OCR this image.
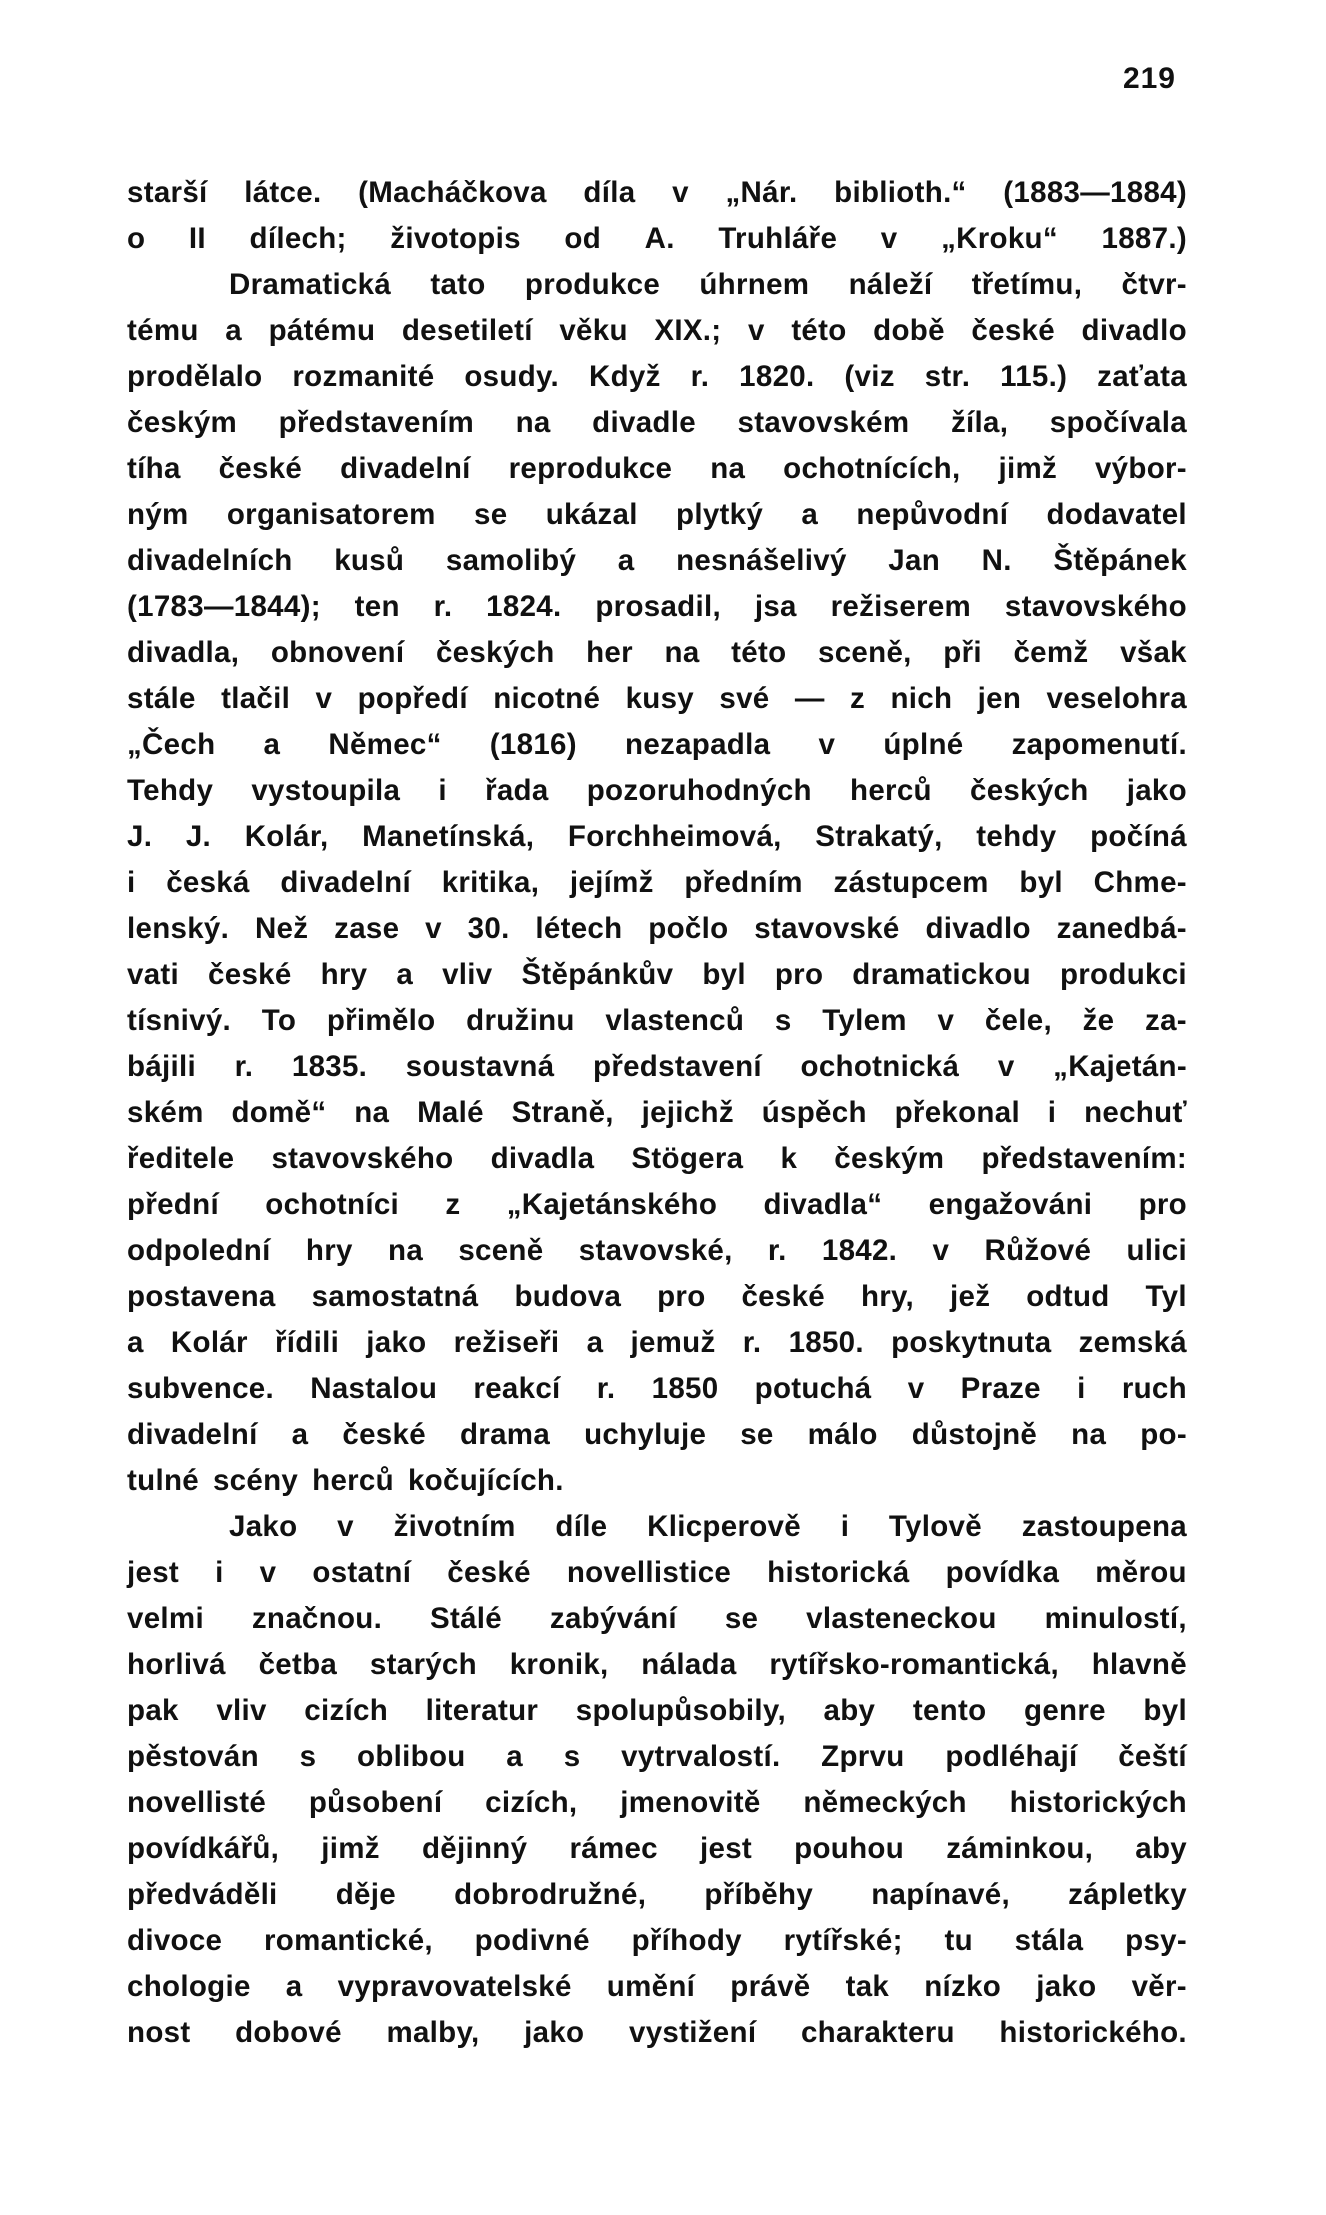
219
starší látce. (Macháčkova díla v „Nár. biblioth.“ (1883—1884)
o II dílech; životopis od A. Truhláře v „Kroku“ 1887.)
Dramatická tato produkce úhrnem náleží třetímu, čtvr-
tému a pátému desetiletí věku XIX.; v této době české divadlo
prodělalo rozmanité osudy. Když r. 1820. (viz str. 115.) zaťata
českým představením na divadle stavovském žíla, spočívala
tíha české divadelní reprodukce na ochotnících, jimž výbor-
ným organisatorem se ukázal plytký a nepůvodní dodavatel
divadelních kusů samolibý a nesnášelivý Jan N. Štěpánek
(1783—1844); ten r. 1824. prosadil, jsa režiserem stavovského
divadla, obnovení českých her na této sceně, při čemž však
stále tlačil v popředí nicotné kusy své — z nich jen veselohra
„Čech a Němec“ (1816) nezapadla v úplné zapomenutí.
Tehdy vystoupila i řada pozoruhodných herců českých jako
J. J. Kolár, Manetínská, Forchheimová, Strakatý, tehdy počíná
i česká divadelní kritika, jejímž předním zástupcem byl Chme-
lenský. Než zase v 30. létech počlo stavovské divadlo zanedbá-
vati české hry a vliv Štěpánkův byl pro dramatickou produkci
tísnivý. To přimělo družinu vlastenců s Tylem v čele, že za-
bájili r. 1835. soustavná představení ochotnická v „Kajetán-
ském domě“ na Malé Straně, jejichž úspěch překonal i nechuť
ředitele stavovského divadla Stögera k českým představením:
přední ochotníci z „Kajetánského divadla“ engažováni pro
odpolední hry na sceně stavovské, r. 1842. v Růžové ulici
postavena samostatná budova pro české hry, jež odtud Tyl
a Kolár řídili jako režiseři a jemuž r. 1850. poskytnuta zemská
subvence. Nastalou reakcí r. 1850 potuchá v Praze i ruch
divadelní a české drama uchyluje se málo důstojně na po-
tulné scény herců kočujících.
Jako v životním díle Klicperově i Tylově zastoupena
jest i v ostatní české novellistice historická povídka měrou
velmi značnou. Stálé zabývání se vlasteneckou minulostí,
horlivá četba starých kronik, nálada rytířsko-romantická, hlavně
pak vliv cizích literatur spolupůsobily, aby tento genre byl
pěstován s oblibou a s vytrvalostí. Zprvu podléhají čeští
novellisté působení cizích, jmenovitě německých historických
povídkářů, jimž dějinný rámec jest pouhou záminkou, aby
předváděli děje dobrodružné, příběhy napínavé, zápletky
divoce romantické, podivné příhody rytířské; tu stála psy-
chologie a vypravovatelské umění právě tak nízko jako věr-
nost dobové malby, jako vystižení charakteru historického.
